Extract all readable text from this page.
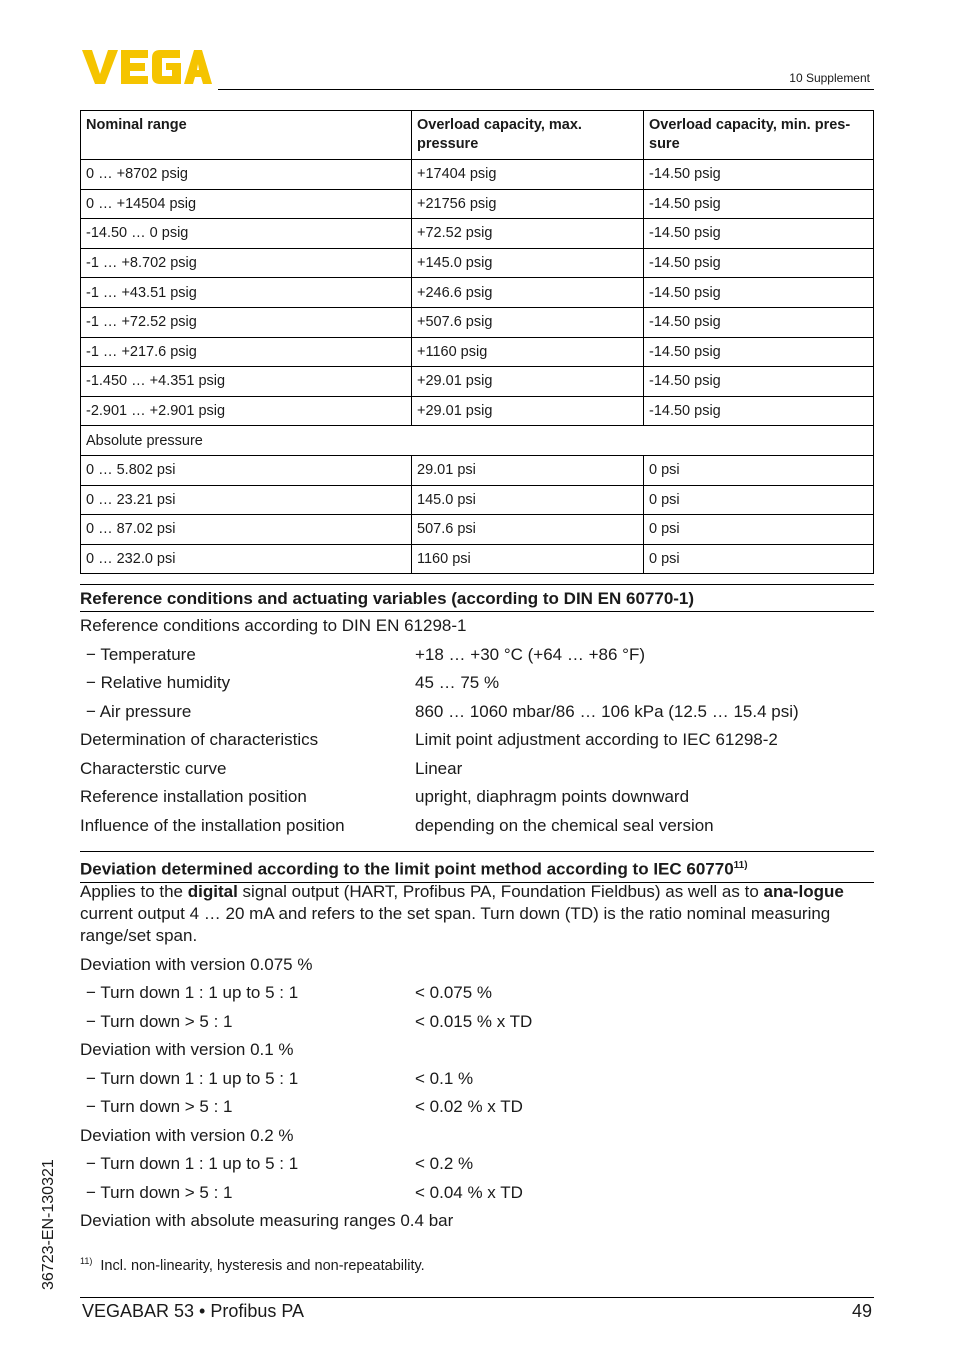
10 Supplement
Nominal range	Overload capacity, max. pressure	Overload capacity, min. pres-sure
0 … +8702 psig	+17404 psig	-14.50 psig
0 … +14504 psig	+21756 psig	-14.50 psig
-14.50 … 0 psig	+72.52 psig	-14.50 psig
-1 … +8.702 psig	+145.0 psig	-14.50 psig
-1 … +43.51 psig	+246.6 psig	-14.50 psig
-1 … +72.52 psig	+507.6 psig	-14.50 psig
-1 … +217.6 psig	+1160 psig	-14.50 psig
-1.450 … +4.351 psig	+29.01 psig	-14.50 psig
-2.901 … +2.901 psig	+29.01 psig	-14.50 psig
Absolute pressure		
0 … 5.802 psi	29.01 psi	0 psi
0 … 23.21 psi	145.0 psi	0 psi
0 … 87.02 psi	507.6 psi	0 psi
0 … 232.0 psi	1160 psi	0 psi
Reference conditions and actuating variables (according to DIN EN 60770-1)
Reference conditions according to DIN EN 61298-1
− Temperature	+18 … +30 °C (+64 … +86 °F)
− Relative humidity	45 … 75 %
− Air pressure	860 … 1060 mbar/86 … 106 kPa (12.5 … 15.4 psi)
Determination of characteristics	Limit point adjustment according to IEC 61298-2
Characterstic curve	Linear
Reference installation position	upright, diaphragm points downward
Influence of the installation position	depending on the chemical seal version
Deviation determined according to the limit point method according to IEC 60770$^{11)}$
Applies to the digital signal output (HART, Profibus PA, Foundation Fieldbus) as well as to ana-logue current output 4 … 20 mA and refers to the set span. Turn down (TD) is the ratio nominal measuring range/set span.
Deviation with version 0.075 %
− Turn down 1 : 1 up to 5 : 1	< 0.075 %
− Turn down > 5 : 1	< 0.015 % x TD
Deviation with version 0.1 %
− Turn down 1 : 1 up to 5 : 1	< 0.1 %
− Turn down > 5 : 1	< 0.02 % x TD
Deviation with version 0.2 %
− Turn down 1 : 1 up to 5 : 1	< 0.2 %
− Turn down > 5 : 1	< 0.04 % x TD
Deviation with absolute measuring ranges 0.4 bar
$^{11)}$ Incl. non-linearity, hysteresis and non-repeatability.
36723-EN-130321
VEGABAR 53 • Profibus PA	49
